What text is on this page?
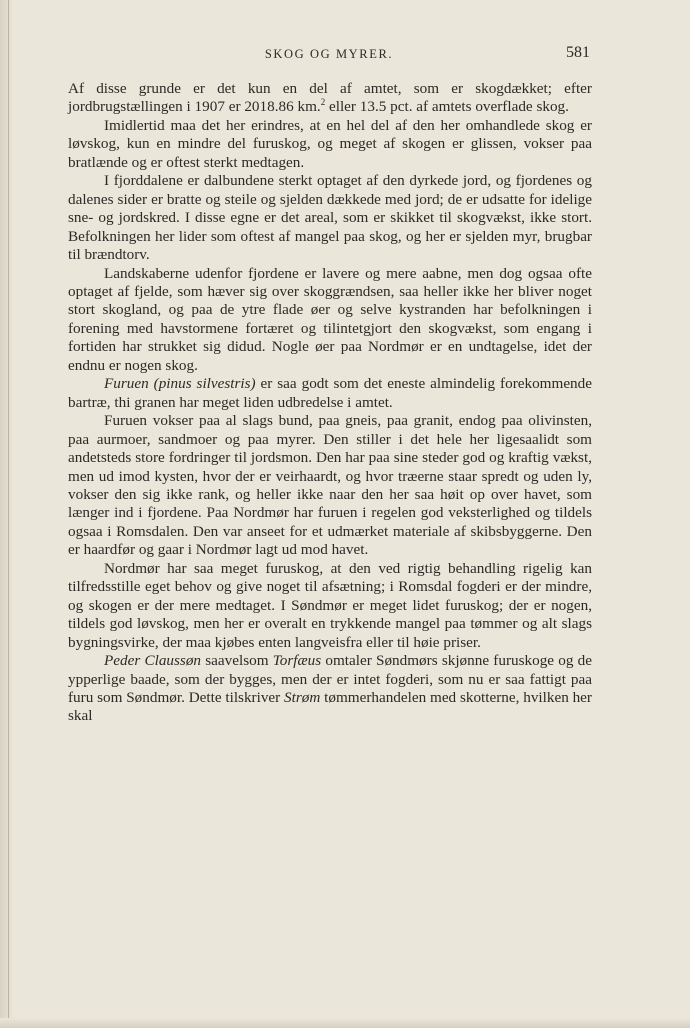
SKOG OG MYRER.	581

Af disse grunde er det kun en del af amtet, som er skogdækket; efter jordbrugstællingen i 1907 er 2018.86 km.$^2$ eller 13.5 pct. af amtets overflade skog.

Imidlertid maa det her erindres, at en hel del af den her omhandlede skog er løvskog, kun en mindre del furuskog, og meget af skogen er glissen, vokser paa bratlænde og er oftest sterkt medtagen.

I fjorddalene er dalbundene sterkt optaget af den dyrkede jord, og fjordenes og dalenes sider er bratte og steile og sjelden dækkede med jord; de er udsatte for idelige sne- og jordskred. I disse egne er det areal, som er skikket til skogvækst, ikke stort. Befolkningen her lider som oftest af mangel paa skog, og her er sjelden myr, brugbar til brændtorv.

Landskaberne udenfor fjordene er lavere og mere aabne, men dog ogsaa ofte optaget af fjelde, som hæver sig over skoggrændsen, saa heller ikke her bliver noget stort skogland, og paa de ytre flade øer og selve kystranden har befolkningen i forening med havstormene fortæret og tilintetgjort den skogvækst, som engang i fortiden har strukket sig didud. Nogle øer paa Nordmør er en undtagelse, idet der endnu er nogen skog.

Furuen (pinus silvestris) er saa godt som det eneste almindelig forekommende bartræ, thi granen har meget liden udbredelse i amtet.

Furuen vokser paa al slags bund, paa gneis, paa granit, endog paa olivinsten, paa aurmoer, sandmoer og paa myrer. Den stiller i det hele her ligesaalidt som andetsteds store fordringer til jordsmon. Den har paa sine steder god og kraftig vækst, men ud imod kysten, hvor der er veirhaardt, og hvor træerne staar spredt og uden ly, vokser den sig ikke rank, og heller ikke naar den her saa høit op over havet, som længer ind i fjordene. Paa Nordmør har furuen i regelen god veksterlighed og tildels ogsaa i Romsdalen. Den var anseet for et udmærket materiale af skibsbyggerne. Den er haardfør og gaar i Nordmør lagt ud mod havet.

Nordmør har saa meget furuskog, at den ved rigtig behandling rigelig kan tilfredsstille eget behov og give noget til afsætning; i Romsdal fogderi er der mindre, og skogen er der mere medtaget. I Søndmør er meget lidet furuskog; der er nogen, tildels god løvskog, men her er overalt en trykkende mangel paa tømmer og alt slags bygningsvirke, der maa kjøbes enten langveisfra eller til høie priser.

Peder Claussøn saavelsom Torfæus omtaler Søndmørs skjønne furuskoge og de ypperlige baade, som der bygges, men der er intet fogderi, som nu er saa fattigt paa furu som Søndmør. Dette tilskriver Strøm tømmerhandelen med skotterne, hvilken her skal
